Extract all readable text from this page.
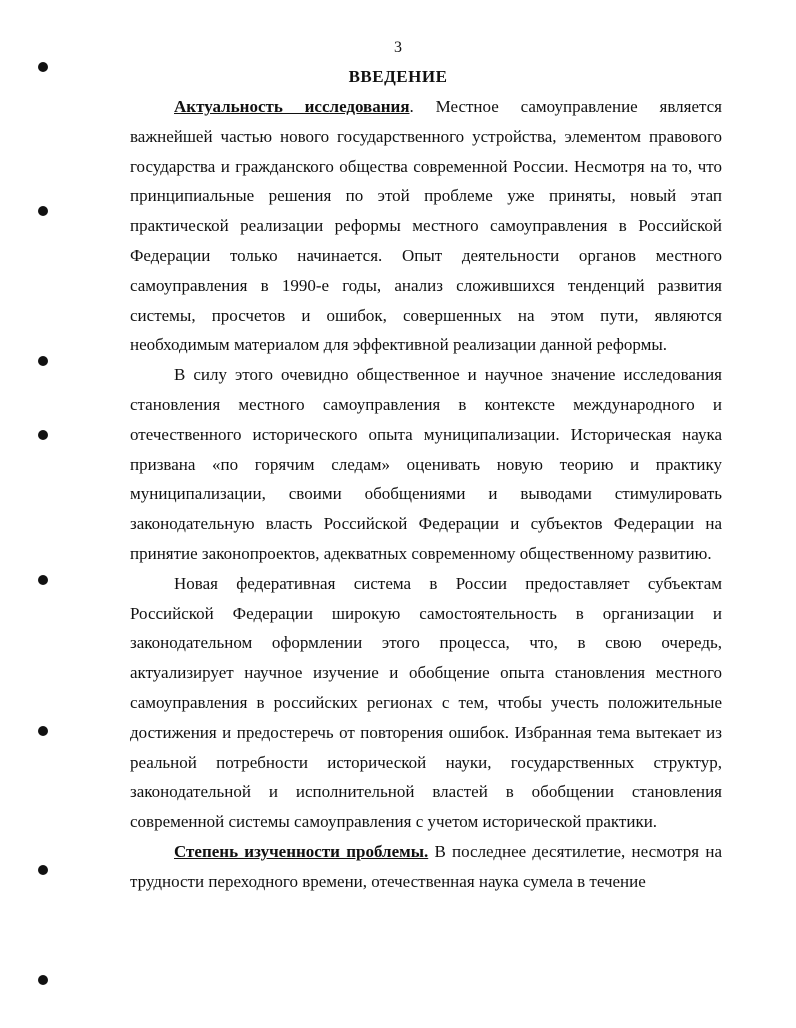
3
ВВЕДЕНИЕ

Актуальность исследования. Местное самоуправление является важнейшей частью нового государственного устройства, элементом правового государства и гражданского общества современной России. Несмотря на то, что принципиальные решения по этой проблеме уже приняты, новый этап практической реализации реформы местного самоуправления в Российской Федерации только начинается. Опыт деятельности органов местного самоуправления в 1990-е годы, анализ сложившихся тенденций развития системы, просчетов и ошибок, совершенных на этом пути, являются необходимым материалом для эффективной реализации данной реформы.

В силу этого очевидно общественное и научное значение исследования становления местного самоуправления в контексте международного и отечественного исторического опыта муниципализации. Историческая наука призвана «по горячим следам» оценивать новую теорию и практику муниципализации, своими обобщениями и выводами стимулировать законодательную власть Российской Федерации и субъектов Федерации на принятие законопроектов, адекватных современному общественному развитию.

Новая федеративная система в России предоставляет субъектам Российской Федерации широкую самостоятельность в организации и законодательном оформлении этого процесса, что, в свою очередь, актуализирует научное изучение и обобщение опыта становления местного самоуправления в российских регионах с тем, чтобы учесть положительные достижения и предостеречь от повторения ошибок. Избранная тема вытекает из реальной потребности исторической науки, государственных структур, законодательной и исполнительной властей в обобщении становления современной системы самоуправления с учетом исторической практики.

Степень изученности проблемы. В последнее десятилетие, несмотря на трудности переходного времени, отечественная наука сумела в течение
